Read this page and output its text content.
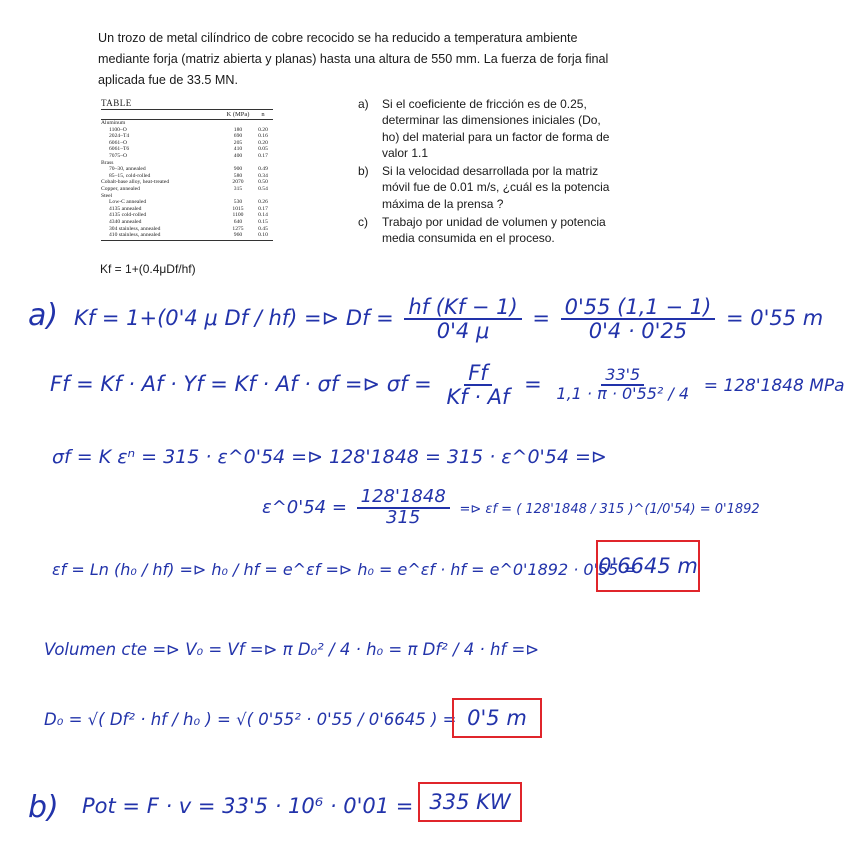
Un trozo de metal cilíndrico de cobre recocido se ha reducido a temperatura ambiente mediante forja (matriz abierta y planas) hasta una altura de 550 mm. La fuerza de forja final aplicada fue de 33.5 MN.
TABLE
K (MPa)	n
Aluminum
1100–O	180	0.20
2024–T4	690	0.16
6061–O	205	0.20
6061–T6	410	0.05
7075–O	400	0.17
Brass
70–30, annealed	900	0.49
85–15, cold-rolled	580	0.34
Cobalt-base alloy, heat-treated	2070	0.50
Copper, annealed	315	0.54
Steel
Low-C annealed	530	0.26
4135 annealed	1015	0.17
4135 cold-rolled	1100	0.14
4340 annealed	640	0.15
304 stainless, annealed	1275	0.45
410 stainless, annealed	960	0.10
a)	Si el coeficiente de fricción es de 0.25, determinar las dimensiones iniciales (Do, ho) del material para un factor de forma de valor 1.1
b)	Si la velocidad desarrollada por la matriz móvil fue de 0.01 m/s, ¿cuál es la potencia máxima de la prensa ?
c)	Trabajo por unidad de volumen y potencia media consumida en el proceso.
Kf = 1+(0.4μDf/hf)
a) Kf = 1+(0'4 μ Df / hf) =⊳ $Df = \frac{hf (Kf - 1)}{0'4 \mu} = \frac{0'55 (1,1 - 1)}{0'4 \cdot 0'25} = 0'55$ m
Ff = Kf · Af · Yf = Kf · Af · σf =⊳ $\sigma f = \frac{Ff}{Kf \cdot Af} = \frac{33'5}{\text{1,1 · π · 0'55² / 4}} = 128'1848$ MPa
σf = K εⁿ = 315 · ε^0'54 =⊳ 128'1848 = 315 · ε^0'54 =⊳
ε^0'54 = $\frac{128'1848}{315}$ =⊳ εf = ( 128'1848 / 315 )^(1/0'54) = 0'1892
εf = Ln (h₀ / hf) =⊳ h₀ / hf = e^εf =⊳ h₀ = e^εf · hf = e^0'1892 · 0'55 =
0'6645 m
Volumen cte =⊳ V₀ = Vf =⊳ π D₀² / 4 · h₀ = π Df² / 4 · hf =⊳
D₀ = √( Df² · hf / h₀ ) = √( 0'55² · 0'55 / 0'6645 ) = 0'5 m
b) Pot = F · v = 33'5 · 10⁶ · 0'01 = 335 KW
